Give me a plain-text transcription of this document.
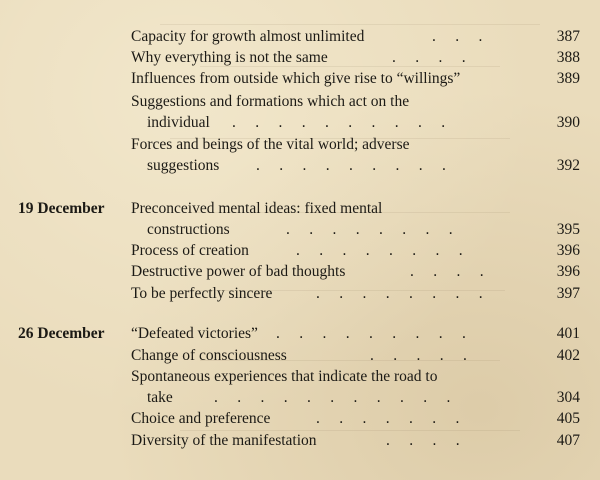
Capacity for growth almost unlimited	.     .     .	387
Why everything is not the same	.     .     .     .	388
Influences from outside which give rise to “willings”	389
Suggestions and formations which act on the
individual .     .     .     .     .     .     .     .     .     .	390
Forces and beings of the vital world; adverse
suggestions .     .     .     .     .     .     .     .     .	392
19 December Preconceived mental ideas: fixed mental
constructions	.     .     .     .     .     .     .     .	395
Process of creation	.     .     .     .     .     .     .     .	396
Destructive power of bad thoughts	.     .     .     .	396
To be perfectly sincere	.     .     .     .     .     .     .     .	397
26 December “Defeated victories” .     .     .     .     .     .     .     .     .	401
Change of consciousness	.     .     .     .     .	402
Spontaneous experiences that indicate the road to
take	.     .     .     .     .     .     .     .     .     .     .	304
Choice and preference	.     .     .     .     .     .     .	405
Diversity of the manifestation	.     .     .     .	407
